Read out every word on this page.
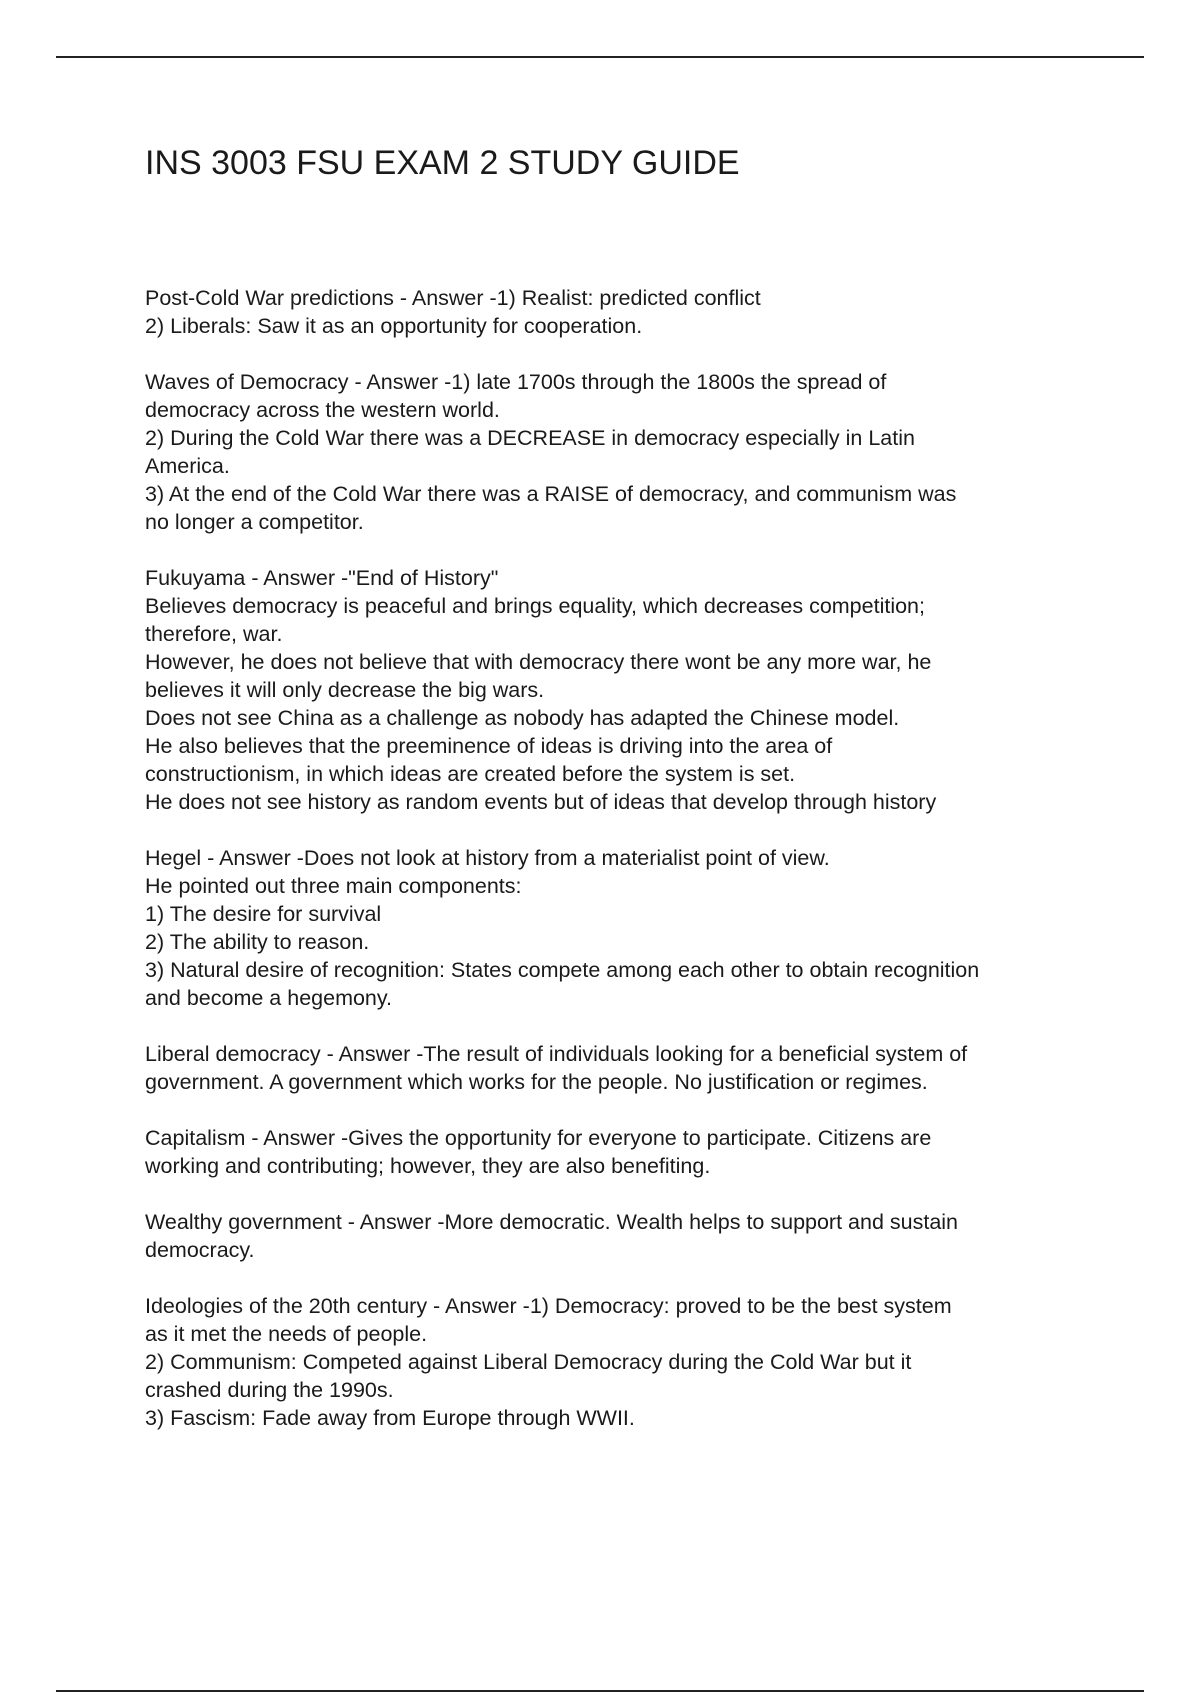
INS 3003 FSU EXAM 2 STUDY GUIDE
Post-Cold War predictions - Answer -1) Realist: predicted conflict
2) Liberals: Saw it as an opportunity for cooperation.
Waves of Democracy - Answer -1) late 1700s through the 1800s the spread of
democracy across the western world.
2) During the Cold War there was a DECREASE in democracy especially in Latin
America.
3) At the end of the Cold War there was a RAISE of democracy, and communism was
no longer a competitor.
Fukuyama - Answer -"End of History"
Believes democracy is peaceful and brings equality, which decreases competition;
therefore, war.
However, he does not believe that with democracy there wont be any more war, he
believes it will only decrease the big wars.
Does not see China as a challenge as nobody has adapted the Chinese model.
He also believes that the preeminence of ideas is driving into the area of
constructionism, in which ideas are created before the system is set.
He does not see history as random events but of ideas that develop through history
Hegel - Answer -Does not look at history from a materialist point of view.
He pointed out three main components:
1) The desire for survival
2) The ability to reason.
3) Natural desire of recognition: States compete among each other to obtain recognition
and become a hegemony.
Liberal democracy - Answer -The result of individuals looking for a beneficial system of
government. A government which works for the people. No justification or regimes.
Capitalism - Answer -Gives the opportunity for everyone to participate. Citizens are
working and contributing; however, they are also benefiting.
Wealthy government - Answer -More democratic. Wealth helps to support and sustain
democracy.
Ideologies of the 20th century - Answer -1) Democracy: proved to be the best system
as it met the needs of people.
2) Communism: Competed against Liberal Democracy during the Cold War but it
crashed during the 1990s.
3) Fascism: Fade away from Europe through WWII.
